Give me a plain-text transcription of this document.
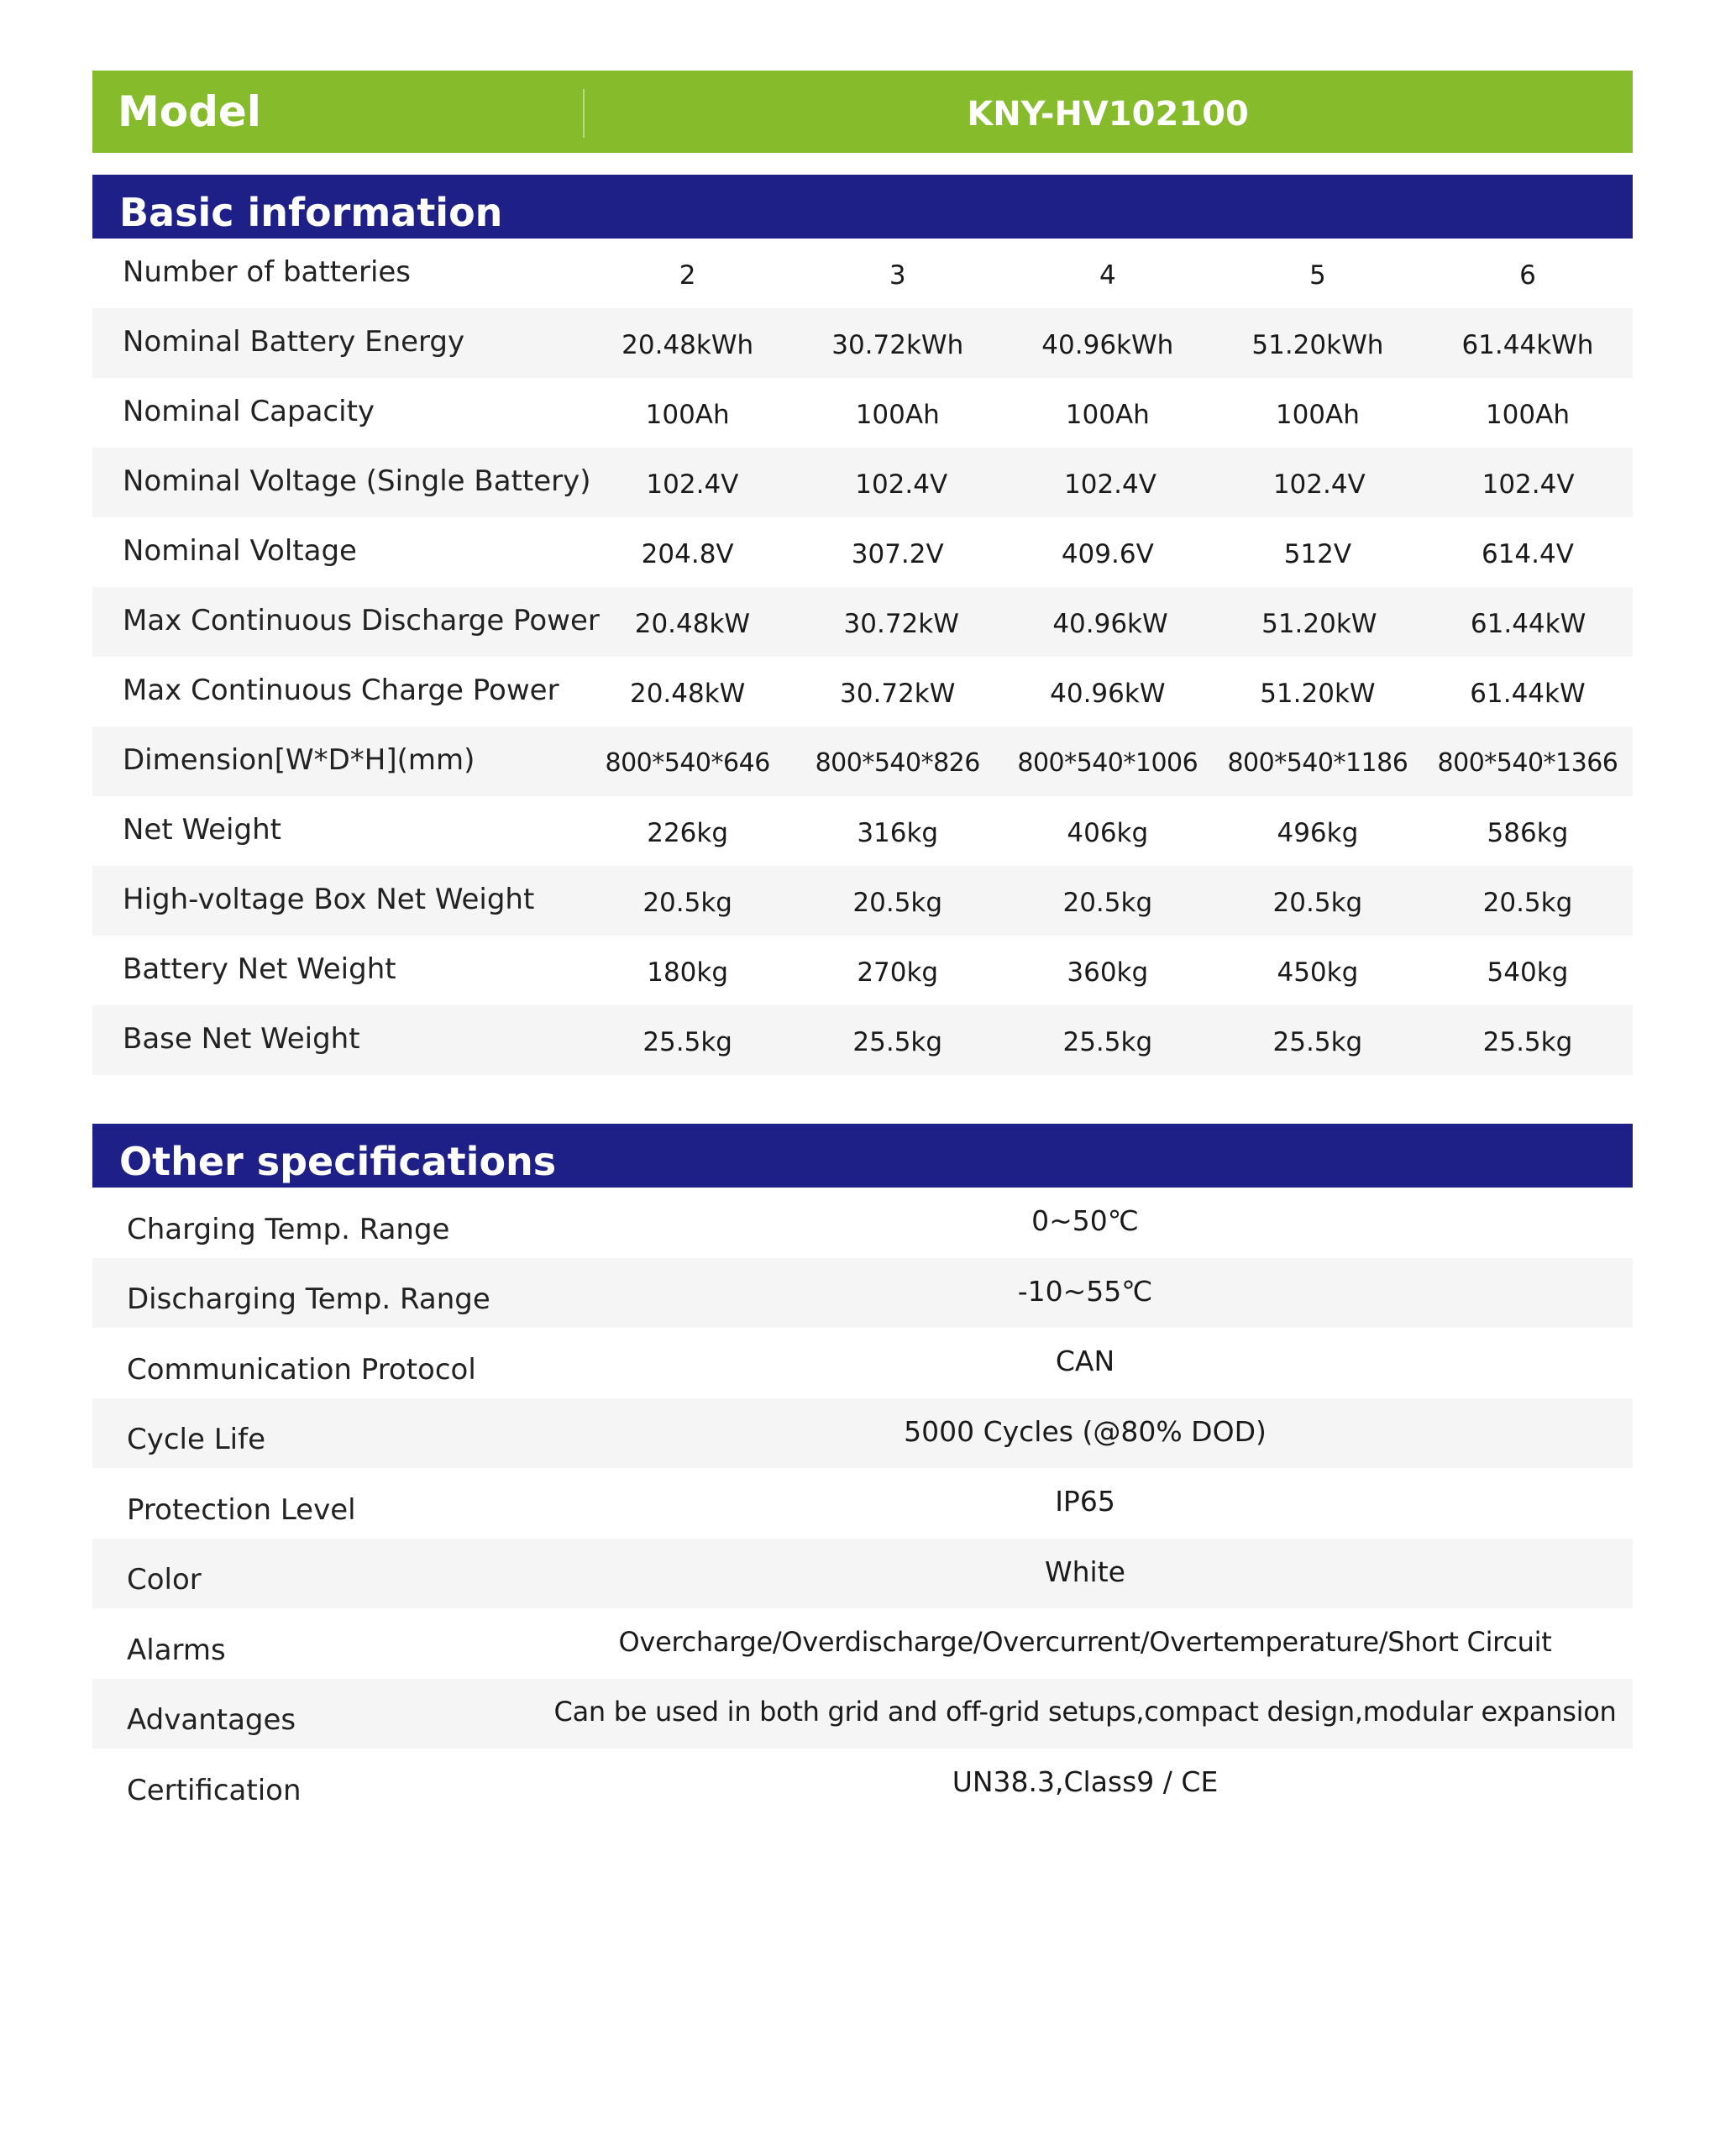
Model	KNY-HV102100
Basic information
Number of batteries	2	3	4	5	6
Nominal Battery Energy	20.48kWh	30.72kWh	40.96kWh	51.20kWh	61.44kWh
Nominal Capacity	100Ah	100Ah	100Ah	100Ah	100Ah
Nominal Voltage (Single Battery)	102.4V	102.4V	102.4V	102.4V	102.4V
Nominal Voltage	204.8V	307.2V	409.6V	512V	614.4V
Max Continuous Discharge Power	20.48kW	30.72kW	40.96kW	51.20kW	61.44kW
Max Continuous Charge Power	20.48kW	30.72kW	40.96kW	51.20kW	61.44kW
Dimension[W*D*H](mm)	800*540*646	800*540*826	800*540*1006	800*540*1186	800*540*1366
Net Weight	226kg	316kg	406kg	496kg	586kg
High-voltage Box Net Weight	20.5kg	20.5kg	20.5kg	20.5kg	20.5kg
Battery Net Weight	180kg	270kg	360kg	450kg	540kg
Base Net Weight	25.5kg	25.5kg	25.5kg	25.5kg	25.5kg
Other specifications
Charging Temp. Range	0~50℃
Discharging Temp. Range	-10~55℃
Communication Protocol	CAN
Cycle Life	5000 Cycles (@80% DOD)
Protection Level	IP65
Color	White
Alarms	Overcharge/Overdischarge/Overcurrent/Overtemperature/Short Circuit
Advantages	Can be used in both grid and off-grid setups,compact design,modular expansion
Certification	UN38.3,Class9 / CE
